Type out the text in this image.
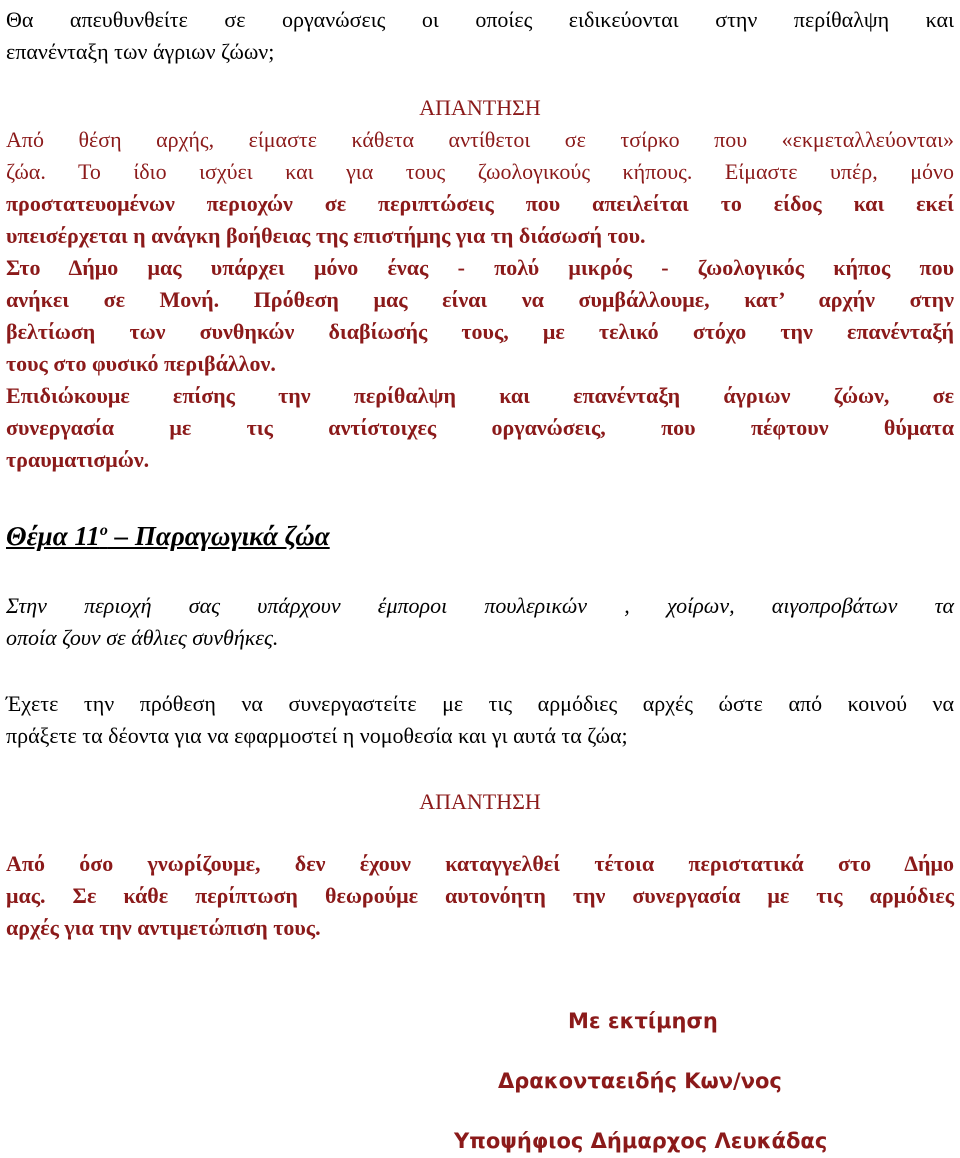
Θα απευθυνθείτε σε οργανώσεις οι οποίες ειδικεύονται στην περίθαλψη και

επανένταξη των άγριων ζώων;

ΑΠΑΝΤΗΣΗ

Από θέση αρχής, είμαστε κάθετα αντίθετοι σε τσίρκο που «εκμεταλλεύονται»

ζώα. Το ίδιο ισχύει και για τους ζωολογικούς κήπους. Είμαστε υπέρ, μόνο

προστατευομένων περιοχών σε περιπτώσεις που απειλείται το είδος και εκεί

υπεισέρχεται η ανάγκη βοήθειας της επιστήμης για τη διάσωσή του.

Στο Δήμο μας υπάρχει μόνο ένας - πολύ μικρός - ζωολογικός κήπος που

ανήκει σε Μονή. Πρόθεση μας είναι να συμβάλλουμε, κατ’ αρχήν στην

βελτίωση των συνθηκών διαβίωσής τους, με τελικό στόχο την επανένταξή

τους στο φυσικό περιβάλλον.

Επιδιώκουμε επίσης την περίθαλψη και επανένταξη άγριων ζώων, σε

συνεργασία με τις αντίστοιχες οργανώσεις, που πέφτουν θύματα

τραυματισμών.

Θέμα $11^o$ – Παραγωγικά ζώα

Στην περιοχή σας υπάρχουν έμποροι πουλερικών , χοίρων, αιγοπροβάτων τα

οποία ζουν σε άθλιες συνθήκες.

Έχετε την πρόθεση να συνεργαστείτε με τις αρμόδιες αρχές ώστε από κοινού να

πράξετε τα δέοντα για να εφαρμοστεί η νομοθεσία και γι αυτά τα ζώα;

ΑΠΑΝΤΗΣΗ

Από όσο γνωρίζουμε, δεν έχουν καταγγελθεί τέτοια περιστατικά στο Δήμο

μας. Σε κάθε περίπτωση θεωρούμε αυτονόητη την συνεργασία με τις αρμόδιες

αρχές για την αντιμετώπιση τους.

Με εκτίμηση
Δρακονταειδής Κων/νος
Υποψήφιος Δήμαρχος Λευκάδας
